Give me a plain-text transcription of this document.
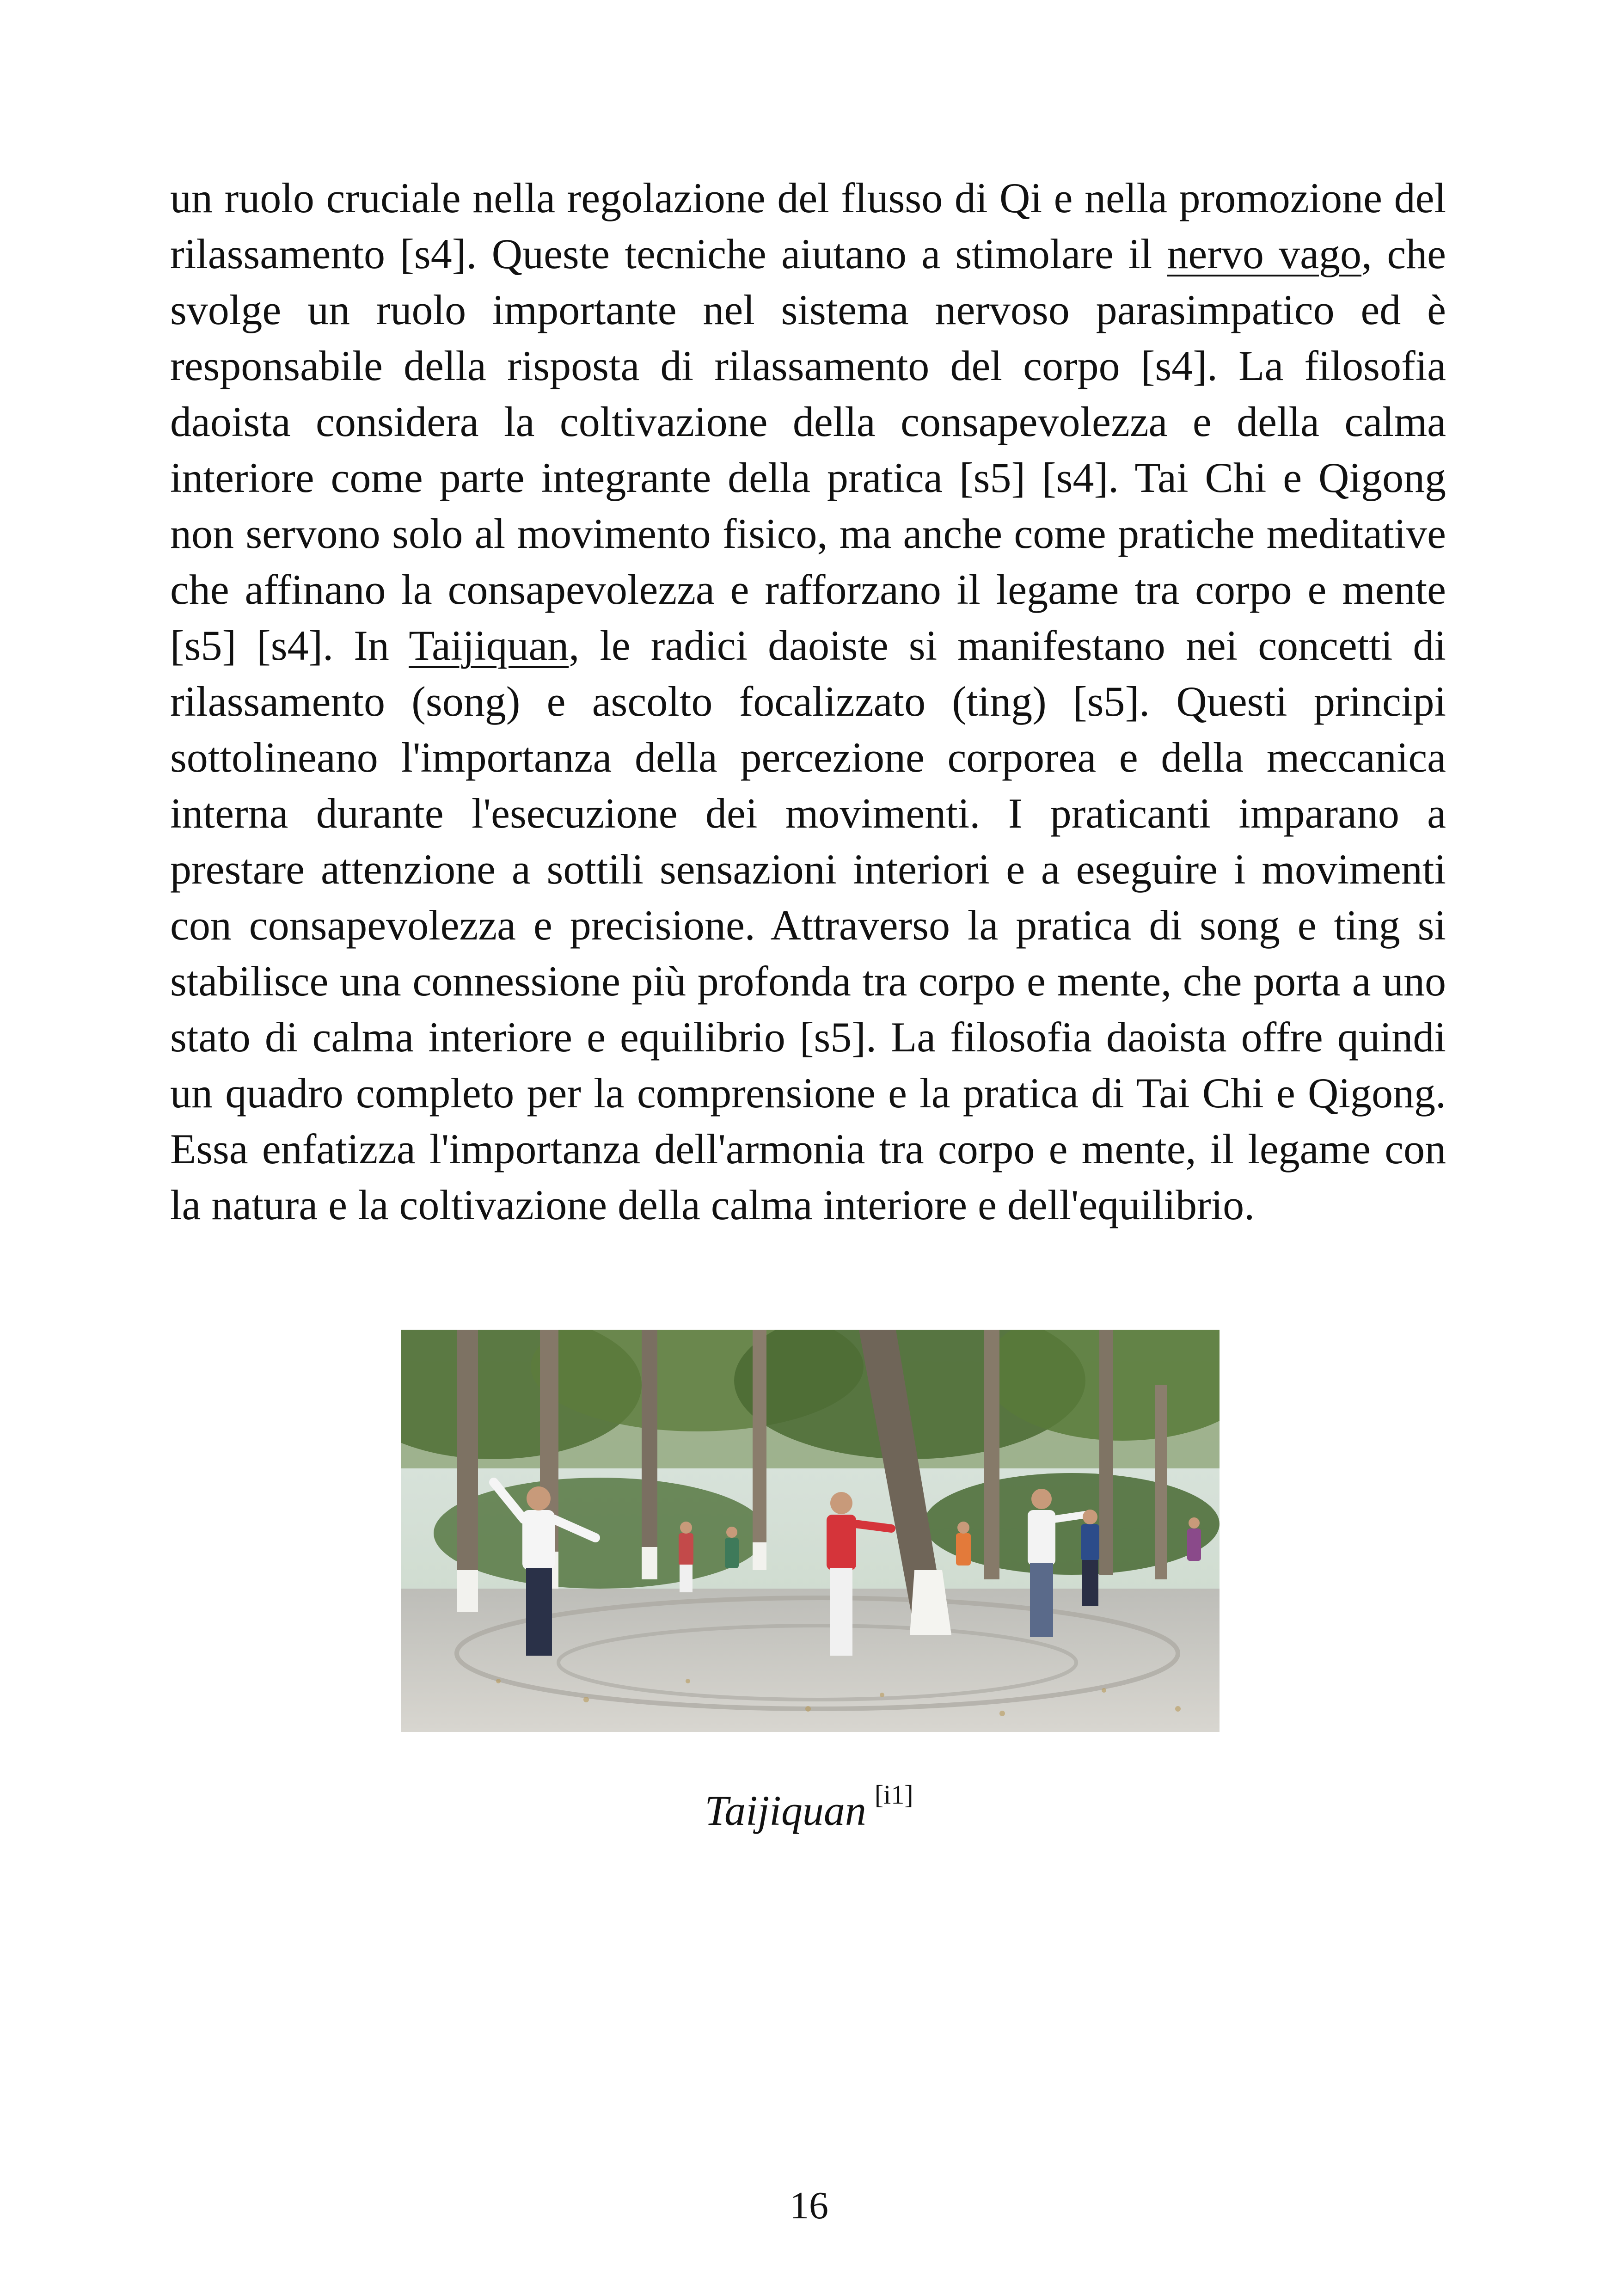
un ruolo cruciale nella regolazione del flusso di Qi e nella promozione del rilassamento [s4]. Queste tecniche aiutano a stimolare il nervo vago, che svolge un ruolo importante nel sistema nervoso parasimpatico ed è responsabile della risposta di rilassamento del corpo [s4]. La filosofia daoista considera la coltivazione della consapevolezza e della calma interiore come parte integrante della pratica [s5] [s4]. Tai Chi e Qigong non servono solo al movimento fisico, ma anche come pratiche meditative che affinano la consapevolezza e rafforzano il legame tra corpo e mente [s5] [s4]. In Taijiquan, le radici daoiste si manifestano nei concetti di rilassamento (song) e ascolto focalizzato (ting) [s5]. Questi principi sottolineano l'importanza della percezione corporea e della meccanica interna durante l'esecuzione dei movimenti. I praticanti imparano a prestare attenzione a sottili sensazioni interiori e a eseguire i movimenti con consapevolezza e precisione. Attraverso la pratica di song e ting si stabilisce una connessione più profonda tra corpo e mente, che porta a uno stato di calma interiore e equilibrio [s5]. La filosofia daoista offre quindi un quadro completo per la comprensione e la pratica di Tai Chi e Qigong. Essa enfatizza l'importanza dell'armonia tra corpo e mente, il legame con la natura e la coltivazione della calma interiore e dell'equilibrio.

Taijiquan [i1]
16
